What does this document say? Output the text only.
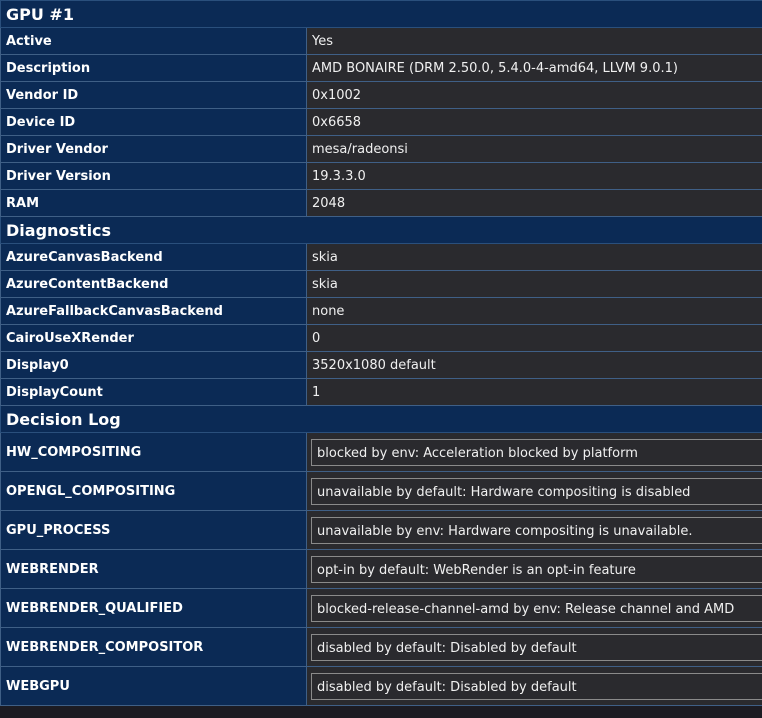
GPU #1	
Active	Yes
Description	AMD BONAIRE (DRM 2.50.0, 5.4.0-4-amd64, LLVM 9.0.1)
Vendor ID	0x1002
Device ID	0x6658
Driver Vendor	mesa/radeonsi
Driver Version	19.3.3.0
RAM	2048
Diagnostics	
AzureCanvasBackend	skia
AzureContentBackend	skia
AzureFallbackCanvasBackend	none
CairoUseXRender	0
Display0	3520x1080 default
DisplayCount	1
Decision Log	
HW_COMPOSITING	blocked by env: Acceleration blocked by platform

OPENGL_COMPOSITING	unavailable by default: Hardware compositing is disabled

GPU_PROCESS	unavailable by env: Hardware compositing is unavailable.

WEBRENDER	opt-in by default: WebRender is an opt-in feature

WEBRENDER_QUALIFIED	blocked-release-channel-amd by env: Release channel and AMD

WEBRENDER_COMPOSITOR	disabled by default: Disabled by default

WEBGPU	disabled by default: Disabled by default
